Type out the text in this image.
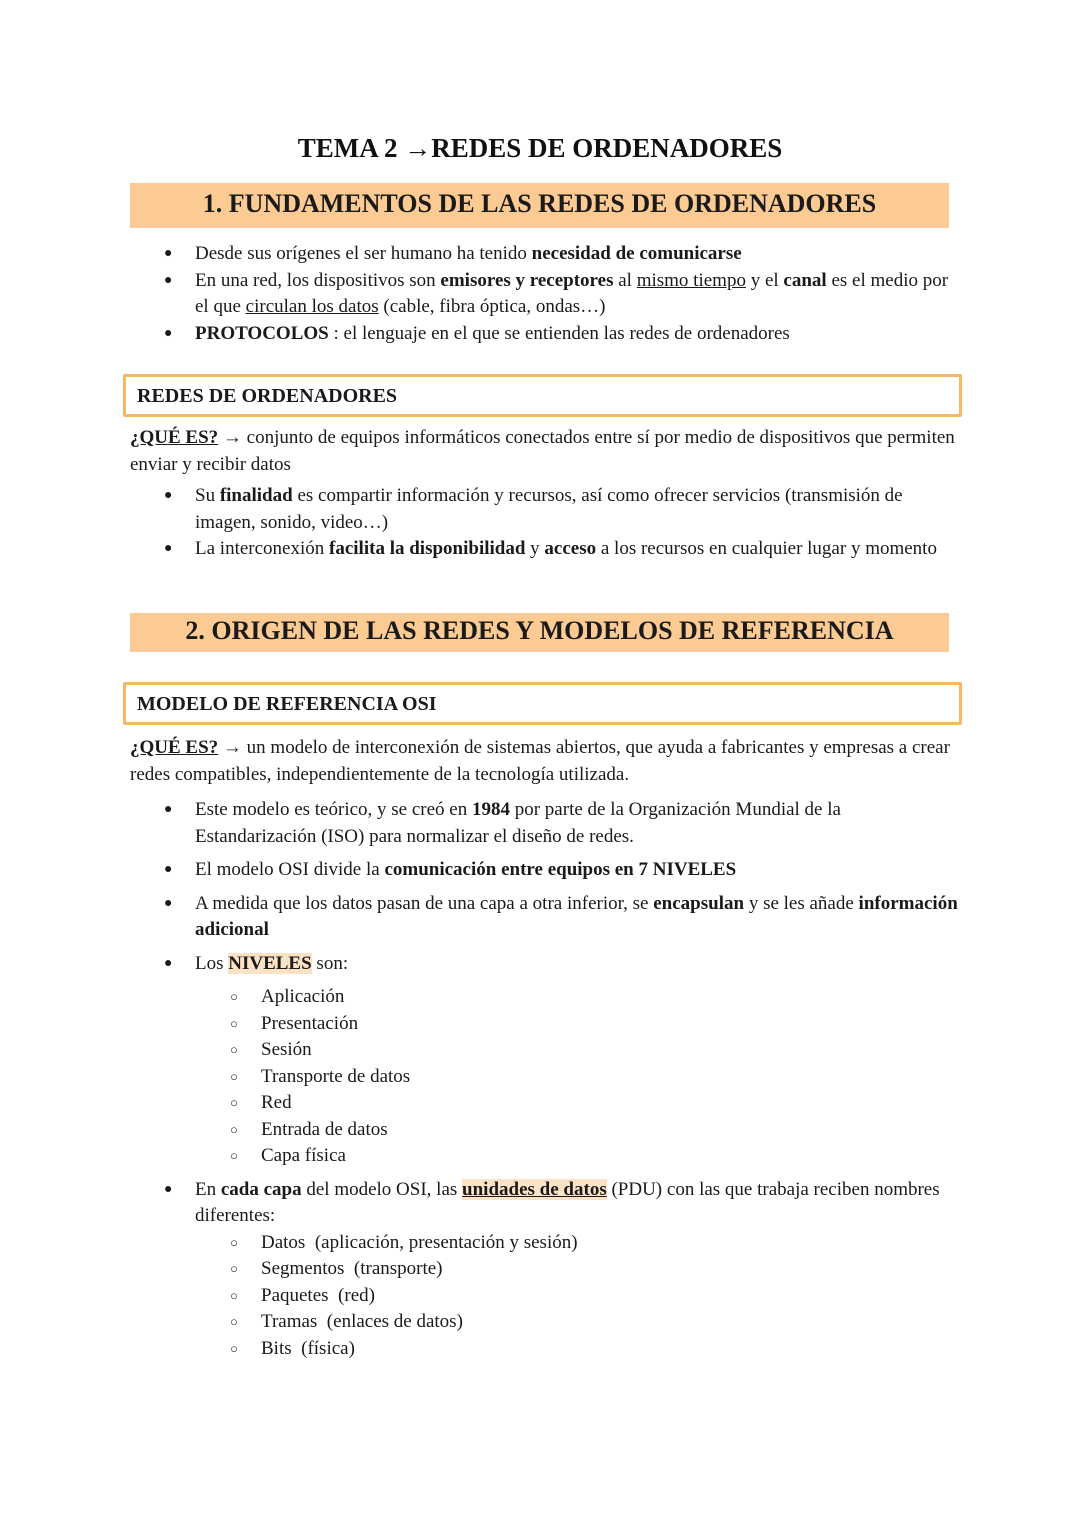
TEMA 2 →REDES DE ORDENADORES
1. FUNDAMENTOS DE LAS REDES DE ORDENADORES
● Desde sus orígenes el ser humano ha tenido necesidad de comunicarse
● En una red, los dispositivos son emisores y receptores al mismo tiempo y el canal es el medio por el que circulan los datos (cable, fibra óptica, ondas…)
● PROTOCOLOS : el lenguaje en el que se entienden las redes de ordenadores
REDES DE ORDENADORES
¿QUÉ ES? → conjunto de equipos informáticos conectados entre sí por medio de dispositivos que permiten enviar y recibir datos
● Su finalidad es compartir información y recursos, así como ofrecer servicios (transmisión de imagen, sonido, video…)
● La interconexión facilita la disponibilidad y acceso a los recursos en cualquier lugar y momento
2. ORIGEN DE LAS REDES Y MODELOS DE REFERENCIA
MODELO DE REFERENCIA OSI
¿QUÉ ES? → un modelo de interconexión de sistemas abiertos, que ayuda a fabricantes y empresas a crear redes compatibles, independientemente de la tecnología utilizada.
● Este modelo es teórico, y se creó en 1984 por parte de la Organización Mundial de la Estandarización (ISO) para normalizar el diseño de redes.
● El modelo OSI divide la comunicación entre equipos en 7 NIVELES
● A medida que los datos pasan de una capa a otra inferior, se encapsulan y se les añade información adicional
● Los NIVELES son:
○ Aplicación
○ Presentación
○ Sesión
○ Transporte de datos
○ Red
○ Entrada de datos
○ Capa física
● En cada capa del modelo OSI, las unidades de datos (PDU) con las que trabaja reciben nombres diferentes:
○ Datos  (aplicación, presentación y sesión)
○ Segmentos  (transporte)
○ Paquetes  (red)
○ Tramas  (enlaces de datos)
○ Bits  (física)
